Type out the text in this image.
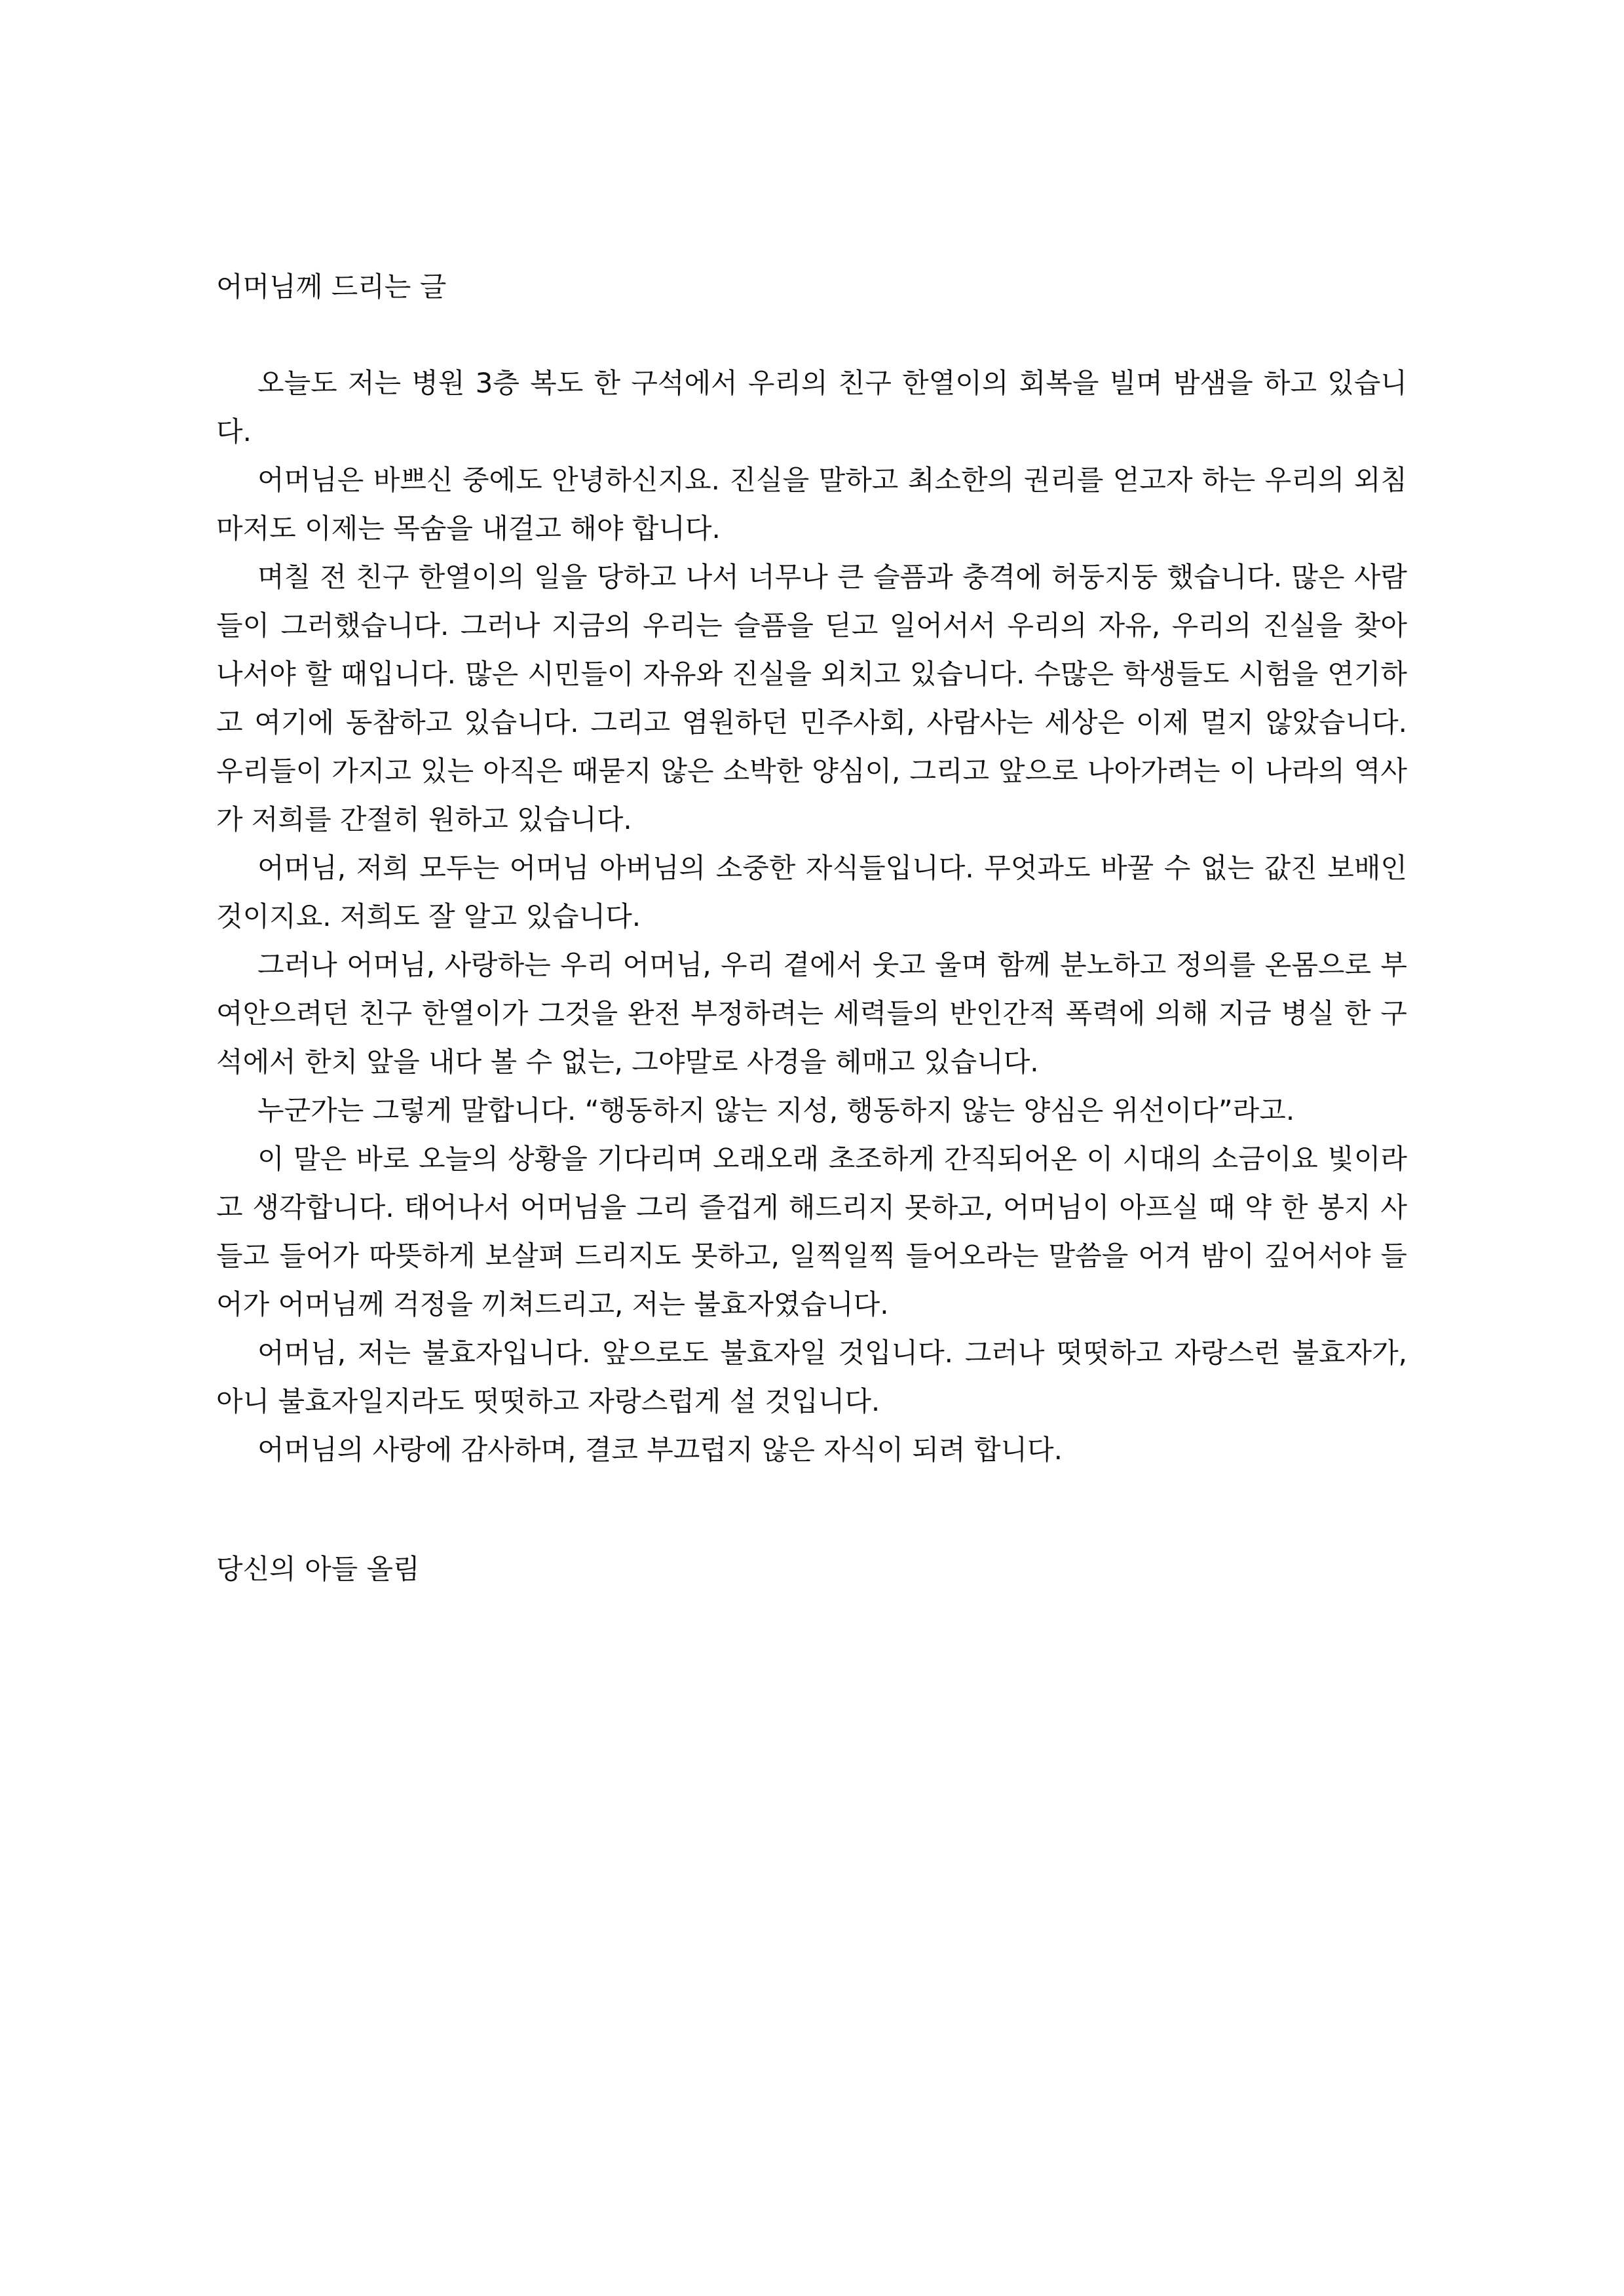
어머님께 드리는 글

오늘도 저는 병원 3층 복도 한 구석에서 우리의 친구 한열이의 회복을 빌며 밤샘을 하고 있습니다.

어머님은 바쁘신 중에도 안녕하신지요. 진실을 말하고 최소한의 권리를 얻고자 하는 우리의 외침마저도 이제는 목숨을 내걸고 해야 합니다.

며칠 전 친구 한열이의 일을 당하고 나서 너무나 큰 슬픔과 충격에 허둥지둥 했습니다. 많은 사람들이 그러했습니다. 그러나 지금의 우리는 슬픔을 딛고 일어서서 우리의 자유, 우리의 진실을 찾아 나서야 할 때입니다. 많은 시민들이 자유와 진실을 외치고 있습니다. 수많은 학생들도 시험을 연기하고 여기에 동참하고 있습니다. 그리고 염원하던 민주사회, 사람사는 세상은 이제 멀지 않았습니다. 우리들이 가지고 있는 아직은 때묻지 않은 소박한 양심이, 그리고 앞으로 나아가려는 이 나라의 역사가 저희를 간절히 원하고 있습니다.

어머님, 저희 모두는 어머님 아버님의 소중한 자식들입니다. 무엇과도 바꿀 수 없는 값진 보배인 것이지요. 저희도 잘 알고 있습니다.

그러나 어머님, 사랑하는 우리 어머님, 우리 곁에서 웃고 울며 함께 분노하고 정의를 온몸으로 부여안으려던 친구 한열이가 그것을 완전 부정하려는 세력들의 반인간적 폭력에 의해 지금 병실 한 구석에서 한치 앞을 내다 볼 수 없는, 그야말로 사경을 헤매고 있습니다.

누군가는 그렇게 말합니다. “행동하지 않는 지성, 행동하지 않는 양심은 위선이다”라고.

이 말은 바로 오늘의 상황을 기다리며 오래오래 초조하게 간직되어온 이 시대의 소금이요 빛이라고 생각합니다. 태어나서 어머님을 그리 즐겁게 해드리지 못하고, 어머님이 아프실 때 약 한 봉지 사들고 들어가 따뜻하게 보살펴 드리지도 못하고, 일찍일찍 들어오라는 말씀을 어겨 밤이 깊어서야 들어가 어머님께 걱정을 끼쳐드리고, 저는 불효자였습니다.

어머님, 저는 불효자입니다. 앞으로도 불효자일 것입니다. 그러나 떳떳하고 자랑스런 불효자가, 아니 불효자일지라도 떳떳하고 자랑스럽게 설 것입니다.

어머님의 사랑에 감사하며, 결코 부끄럽지 않은 자식이 되려 합니다.

당신의 아들 올림
